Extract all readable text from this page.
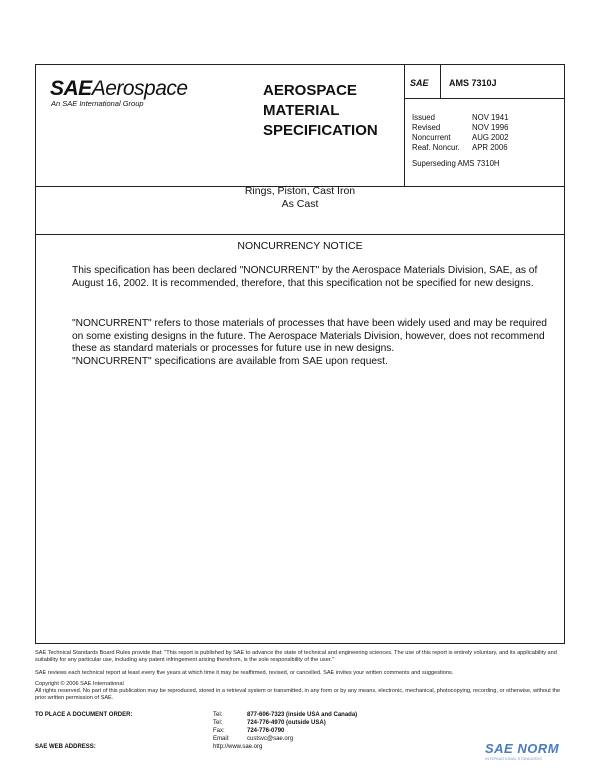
SAEAerospace
An SAE International Group
AEROSPACE
MATERIAL
SPECIFICATION
SAE AMS 7310J
Issued	NOV 1941
Revised	NOV 1996
Noncurrent	AUG 2002
Reaf. Noncur.	APR 2006
Superseding AMS 7310H
Rings, Piston, Cast Iron
As Cast
NONCURRENCY NOTICE
This specification has been declared "NONCURRENT" by the Aerospace Materials Division, SAE, as of August 16, 2002. It is recommended, therefore, that this specification not be specified for new designs.
"NONCURRENT" refers to those materials of processes that have been widely used and may be required on some existing designs in the future. The Aerospace Materials Division, however, does not recommend these as standard materials or processes for future use in new designs.
"NONCURRENT" specifications are available from SAE upon request.
SAE Technical Standards Board Rules provide that: "This report is published by SAE to advance the state of technical and engineering sciences. The use of this report is entirely voluntary, and its applicability and suitability for any particular use, including any patent infringement arising therefrom, is the sole responsibility of the user."
SAE reviews each technical report at least every five years at which time it may be reaffirmed, revised, or cancelled. SAE invites your written comments and suggestions.
Copyright © 2006 SAE International
All rights reserved. No part of this publication may be reproduced, stored in a retrieval system or transmitted, in any form or by any means, electronic, mechanical, photocopying, recording, or otherwise, without the prior written permission of SAE.
TO PLACE A DOCUMENT ORDER:	Tel:	877-606-7323 (inside USA and Canada)
Tel:	724-776-4970 (outside USA)
Fax:	724-776-0790
Email:	custsvc@sae.org
SAE WEB ADDRESS:	http://www.sae.org	SAE NORM
INTERNATIONAL STANDARDS
